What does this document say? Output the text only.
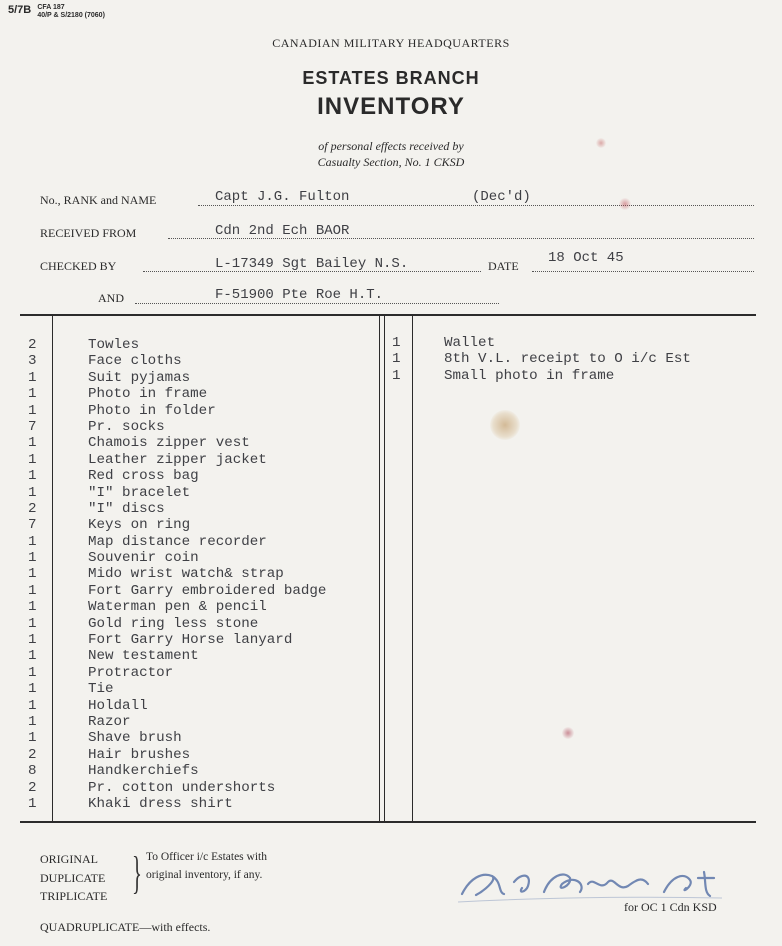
5/7B CFA 187
40/P & S/2180 (7060)
CANADIAN MILITARY HEADQUARTERS
ESTATES BRANCH
INVENTORY
of personal effects received by
Casualty Section, No. 1 CKSD
No., RANK and NAME	Capt J.G. Fulton	(Dec'd)
RECEIVED FROM	Cdn 2nd Ech BAOR
CHECKED BY	L-17349 Sgt Bailey N.S.	DATE 18 Oct 45
AND	F-51900 Pte Roe H.T.
2	Towles
3	Face cloths
1	Suit pyjamas
1	Photo in frame
1	Photo in folder
7	Pr. socks
1	Chamois zipper vest
1	Leather zipper jacket
1	Red cross bag
1	"I" bracelet
2	"I" discs
7	Keys on ring
1	Map distance recorder
1	Souvenir coin
1	Mido wrist watch& strap
1	Fort Garry embroidered badge
1	Waterman pen & pencil
1	Gold ring less stone
1	Fort Garry Horse lanyard
1	New testament
1	Protractor
1	Tie
1	Holdall
1	Razor
1	Shave brush
2	Hair brushes
8	Handkerchiefs
2	Pr. cotton undershorts
1	Khaki dress shirt
1	Wallet
1	8th V.L. receipt to O i/c Est
1	Small photo in frame
ORIGINAL
DUPLICATE
TRIPLICATE } To Officer i/c Estates with
original inventory, if any.
QUADRUPLICATE—with effects.
for OC 1 Cdn KSD
